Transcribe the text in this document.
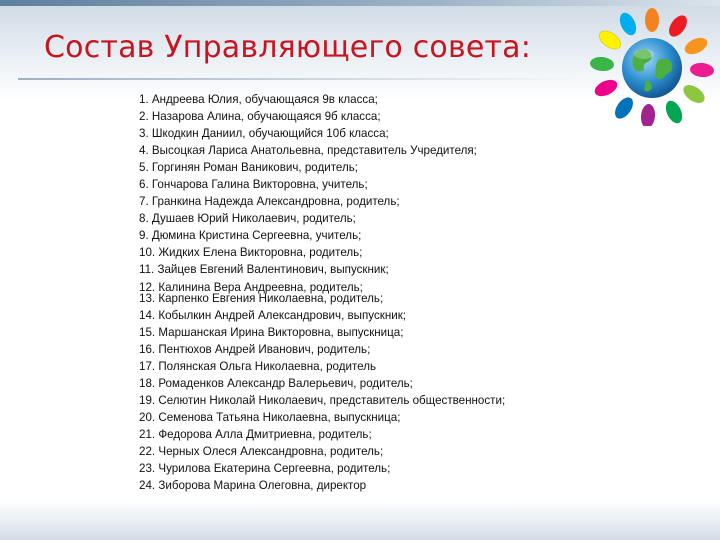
Состав Управляющего совета:
1. Андреева Юлия, обучающаяся 9в класса;
2. Назарова Алина, обучающаяся 9б класса;
3. Шкодкин Даниил, обучающийся 10б класса;
4. Высоцкая Лариса Анатольевна, представитель Учредителя;
5. Горгинян Роман Ваникович, родитель;
6. Гончарова Галина Викторовна, учитель;
7. Гранкина Надежда Александровна, родитель;
8. Душаев Юрий Николаевич, родитель;
9. Дюмина Кристина Сергеевна, учитель;
10. Жидких Елена Викторовна, родитель;
11. Зайцев Евгений Валентинович, выпускник;
12. Калинина Вера Андреевна, родитель;
13. Карпенко Евгения Николаевна, родитель;
14. Кобылкин Андрей Александрович, выпускник;
15. Маршанская Ирина Викторовна, выпускница;
16. Пентюхов Андрей Иванович, родитель;
17. Полянская Ольга Николаевна, родитель
18. Ромаденков Александр Валерьевич, родитель;
19. Селютин Николай Николаевич, представитель общественности;
20. Семенова Татьяна Николаевна, выпускница;
21. Федорова Алла Дмитриевна, родитель;
22. Черных Олеся Александровна, родитель;
23. Чурилова Екатерина Сергеевна, родитель;
24. Зиборова Марина Олеговна, директор
